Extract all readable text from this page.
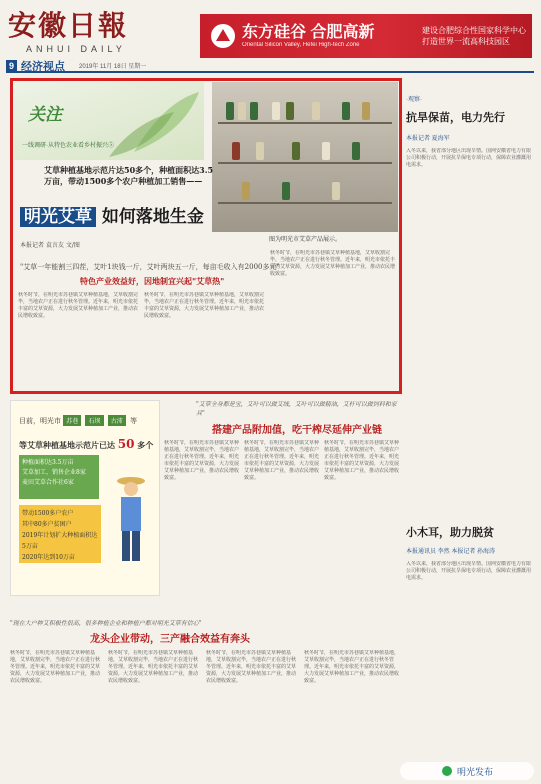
安徽日報
ANHUI DAILY
东方硅谷 合肥高新
Oriental Silicon Valley, Hefei High-tech Zone
建设合肥综合性国家科学中心
打造世界一流高科技园区
9 经济视点 2019年 11月 18日 星期一
关注
一线调研·从特色农业看乡村振兴⑤
图为明光市艾草产品展示。
艾草种植基地示范片达50多个，种植面积达3.5万亩，带动1500多个农户种植加工销售——
明光艾草 如何落地生金
本报记者 袁言友 文/图
"艾草一年能割三四茬，艾叶1块钱一斤，艾叶两块五一斤，每亩毛收入有2000多元"
特色产业效益好，因地制宜兴起"艾草热"
秋冬时节，在明光市苏巷镇艾草种植基地，艾草收割完毕，当地农户正在进行秋冬管理。近年来，明光市依托丰富的艾草资源，大力发展艾草种植加工产业，推动农民增收致富。
秋冬时节，在明光市苏巷镇艾草种植基地，艾草收割完毕，当地农户正在进行秋冬管理。近年来，明光市依托丰富的艾草资源，大力发展艾草种植加工产业，推动农民增收致富。
秋冬时节，在明光市苏巷镇艾草种植基地，艾草收割完毕，当地农户正在进行秋冬管理。近年来，明光市依托丰富的艾草资源，大力发展艾草种植加工产业，推动农民增收致富。
·观察·
抗旱保苗，电力先行
本报记者 夏海军
入冬以来，我省部分地区出现旱情。国网安徽省电力有限公司积极行动，开展抗旱保电专项行动，保障农业灌溉用电需求。
小木耳，助力脱贫
本报通讯员 李然 本报记者 孙海涛
入冬以来，我省部分地区出现旱情。国网安徽省电力有限公司积极行动，开展抗旱保电专项行动，保障农业灌溉用电需求。
目前，明光市 苏巷 石坝 古沛 等
等艾草种植基地示范片已达 50 多个
种植面积达3.5万亩
艾草加工、销售企业8家
麦田艾草合作社6家
带动1500多户农户
其中80多户贫困户
2019年计划扩大种植面积达5万亩
2020年达到10万亩
"艾草全身都是宝，艾叶可以做艾绒，艾叶可以做精油，艾杆可以做饲料和家具"
搭建产品附加值，吃干榨尽延伸产业链
秋冬时节，在明光市苏巷镇艾草种植基地，艾草收割完毕，当地农户正在进行秋冬管理。近年来，明光市依托丰富的艾草资源，大力发展艾草种植加工产业，推动农民增收致富。
秋冬时节，在明光市苏巷镇艾草种植基地，艾草收割完毕，当地农户正在进行秋冬管理。近年来，明光市依托丰富的艾草资源，大力发展艾草种植加工产业，推动农民增收致富。
秋冬时节，在明光市苏巷镇艾草种植基地，艾草收割完毕，当地农户正在进行秋冬管理。近年来，明光市依托丰富的艾草资源，大力发展艾草种植加工产业，推动农民增收致富。
"现在大户种艾积极性很高，很多种植企业和种植户都对明光艾草有信心"
龙头企业带动，三产融合效益有奔头
秋冬时节，在明光市苏巷镇艾草种植基地，艾草收割完毕，当地农户正在进行秋冬管理。近年来，明光市依托丰富的艾草资源，大力发展艾草种植加工产业，推动农民增收致富。
秋冬时节，在明光市苏巷镇艾草种植基地，艾草收割完毕，当地农户正在进行秋冬管理。近年来，明光市依托丰富的艾草资源，大力发展艾草种植加工产业，推动农民增收致富。
秋冬时节，在明光市苏巷镇艾草种植基地，艾草收割完毕，当地农户正在进行秋冬管理。近年来，明光市依托丰富的艾草资源，大力发展艾草种植加工产业，推动农民增收致富。
秋冬时节，在明光市苏巷镇艾草种植基地，艾草收割完毕，当地农户正在进行秋冬管理。近年来，明光市依托丰富的艾草资源，大力发展艾草种植加工产业，推动农民增收致富。
明光发布
